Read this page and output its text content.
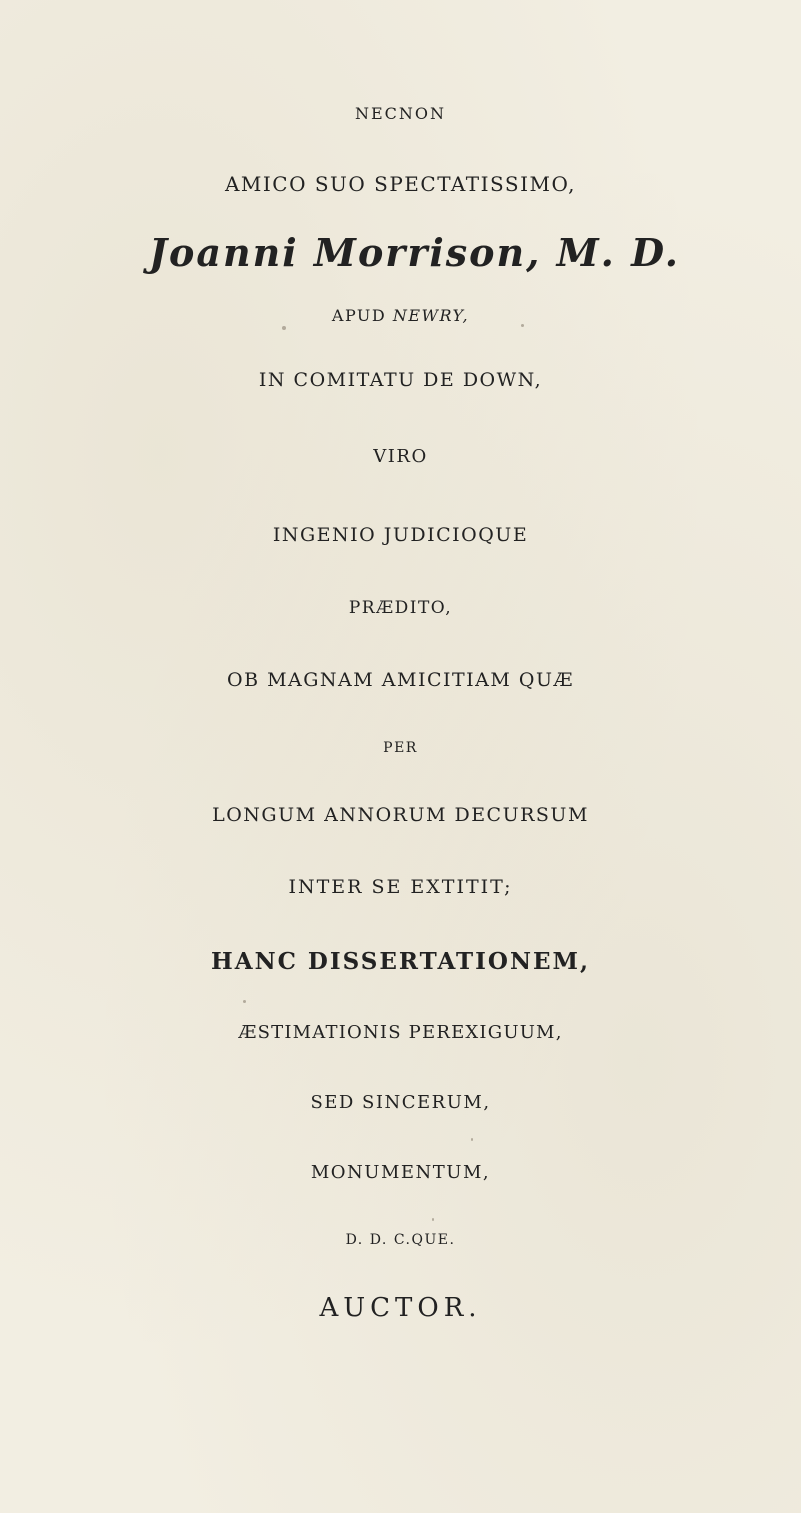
NECNON
AMICO SUO SPECTATISSIMO,
Joanni Morrison, M. D.
APUD NEWRY,
IN COMITATU DE DOWN,
VIRO
INGENIO JUDICIOQUE
PRÆDITO,
OB MAGNAM AMICITIAM QUÆ
PER
LONGUM ANNORUM DECURSUM
INTER SE EXTITIT;
HANC DISSERTATIONEM,
ÆSTIMATIONIS PEREXIGUUM,
SED SINCERUM,
MONUMENTUM,
D. D. C.QUE.
AUCTOR.
